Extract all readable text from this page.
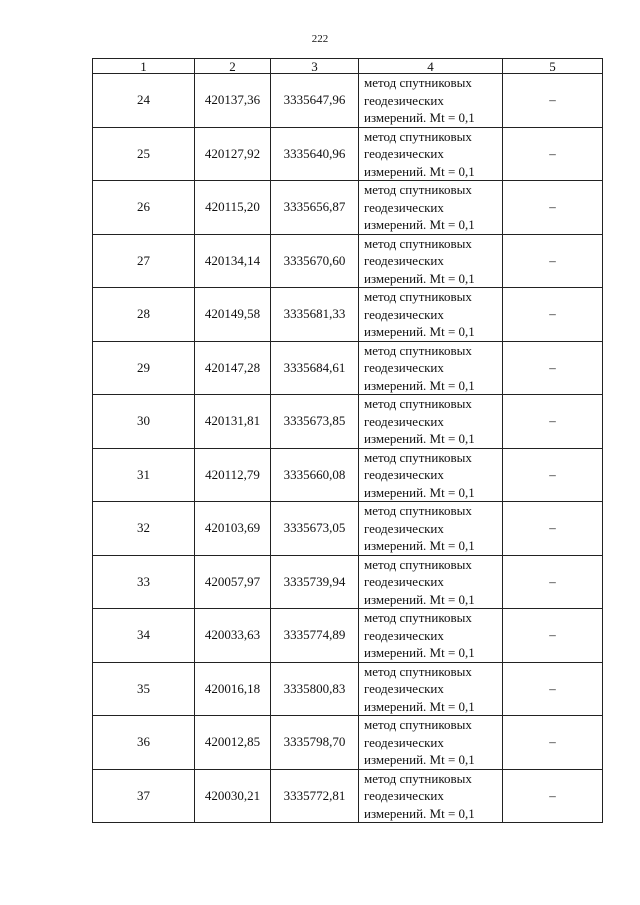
222
1	2	3	4	5
24	420137,36	3335647,96	метод спутниковых
геодезических
измерений. Mt = 0,1	–
25	420127,92	3335640,96	метод спутниковых
геодезических
измерений. Mt = 0,1	–
26	420115,20	3335656,87	метод спутниковых
геодезических
измерений. Mt = 0,1	–
27	420134,14	3335670,60	метод спутниковых
геодезических
измерений. Mt = 0,1	–
28	420149,58	3335681,33	метод спутниковых
геодезических
измерений. Mt = 0,1	–
29	420147,28	3335684,61	метод спутниковых
геодезических
измерений. Mt = 0,1	–
30	420131,81	3335673,85	метод спутниковых
геодезических
измерений. Mt = 0,1	–
31	420112,79	3335660,08	метод спутниковых
геодезических
измерений. Mt = 0,1	–
32	420103,69	3335673,05	метод спутниковых
геодезических
измерений. Mt = 0,1	–
33	420057,97	3335739,94	метод спутниковых
геодезических
измерений. Mt = 0,1	–
34	420033,63	3335774,89	метод спутниковых
геодезических
измерений. Mt = 0,1	–
35	420016,18	3335800,83	метод спутниковых
геодезических
измерений. Mt = 0,1	–
36	420012,85	3335798,70	метод спутниковых
геодезических
измерений. Mt = 0,1	–
37	420030,21	3335772,81	метод спутниковых
геодезических
измерений. Mt = 0,1	–
